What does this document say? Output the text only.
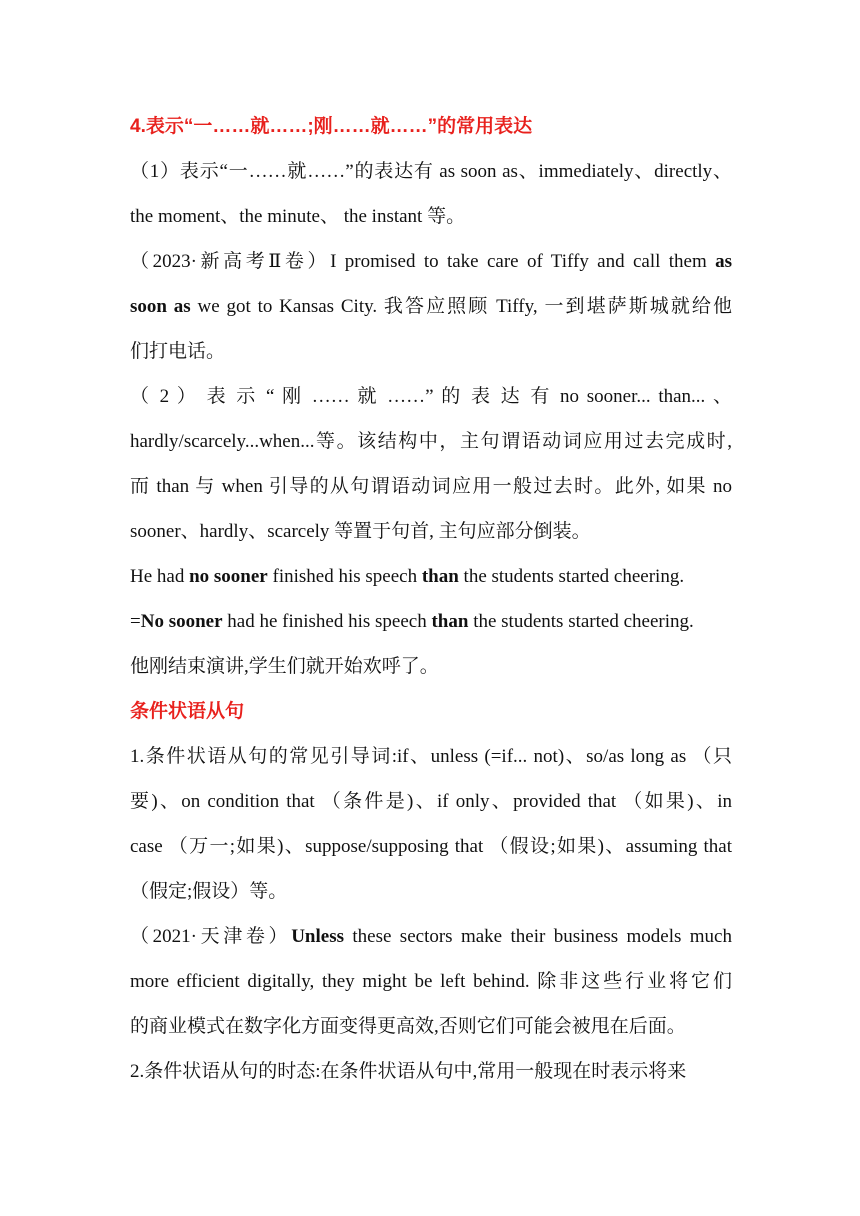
4.表示“一……就……;刚……就……”的常用表达
（1）表示“一……就……”的表达有 as soon as、immediately、directly、
the moment、the minute、 the instant 等。
（2023·新高考Ⅱ卷）I promised to take care of Tiffy and call them as
soon as we got to Kansas City. 我答应照顾 Tiffy, 一到堪萨斯城就给他
们打电话。
（ 2 ） 表 示 “ 刚 …… 就 ……” 的 表 达 有 no sooner... than... 、
hardly/scarcely...when...等。该结构中，主句谓语动词应用过去完成时,
而 than 与 when 引导的从句谓语动词应用一般过去时。此外, 如果 no
sooner、hardly、scarcely 等置于句首, 主句应部分倒装。
He had no sooner finished his speech than the students started cheering.
=No sooner had he finished his speech than the students started cheering.
他刚结束演讲,学生们就开始欢呼了。
条件状语从句
1.条件状语从句的常见引导词:if、unless (=if... not)、so/as long as （只
要)、on condition that （条件是)、if only、provided that （如果)、in
case （万一;如果)、suppose/supposing that （假设;如果)、assuming that
（假定;假设）等。
（2021·天津卷）Unless these sectors make their business models much
more efficient digitally, they might be left behind. 除非这些行业将它们
的商业模式在数字化方面变得更高效,否则它们可能会被甩在后面。
2.条件状语从句的时态:在条件状语从句中,常用一般现在时表示将来
